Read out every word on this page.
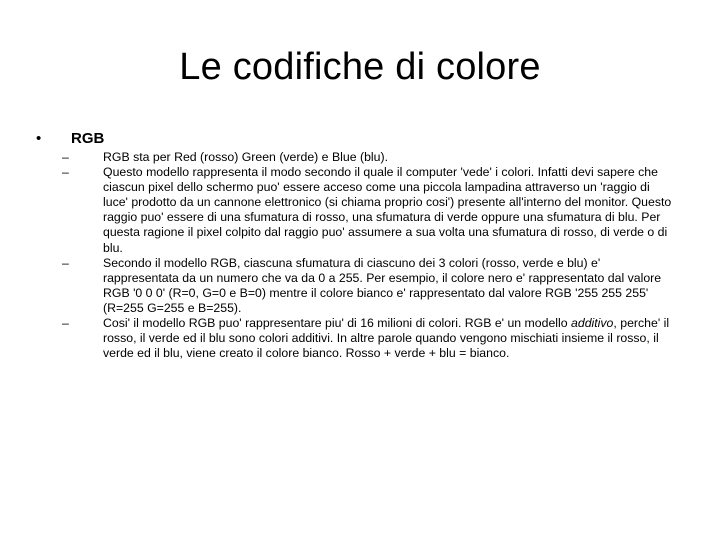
Le codifiche di colore
• RGB
–	RGB sta per Red (rosso) Green (verde) e Blue (blu).
–	Questo modello rappresenta il modo secondo il quale il computer 'vede' i colori. Infatti devi sapere che ciascun pixel dello schermo puo' essere acceso come una piccola lampadina attraverso un 'raggio di luce' prodotto da un cannone elettronico (si chiama proprio cosi') presente all'interno del monitor. Questo raggio puo' essere di una sfumatura di rosso, una sfumatura di verde oppure una sfumatura di blu. Per questa ragione il pixel colpito dal raggio puo' assumere a sua volta una sfumatura di rosso, di verde o di blu.
–	Secondo il modello RGB, ciascuna sfumatura di ciascuno dei 3 colori (rosso, verde e blu) e' rappresentata da un numero che va da 0 a 255. Per esempio, il colore nero e' rappresentato dal valore RGB '0 0 0' (R=0, G=0 e B=0) mentre il colore bianco e' rappresentato dal valore RGB '255 255 255' (R=255 G=255 e B=255).
–	Cosi' il modello RGB puo' rappresentare piu' di 16 milioni di colori. RGB e' un modello additivo, perche' il rosso, il verde ed il blu sono colori additivi. In altre parole quando vengono mischiati insieme il rosso, il verde ed il blu, viene creato il colore bianco. Rosso + verde + blu = bianco.
